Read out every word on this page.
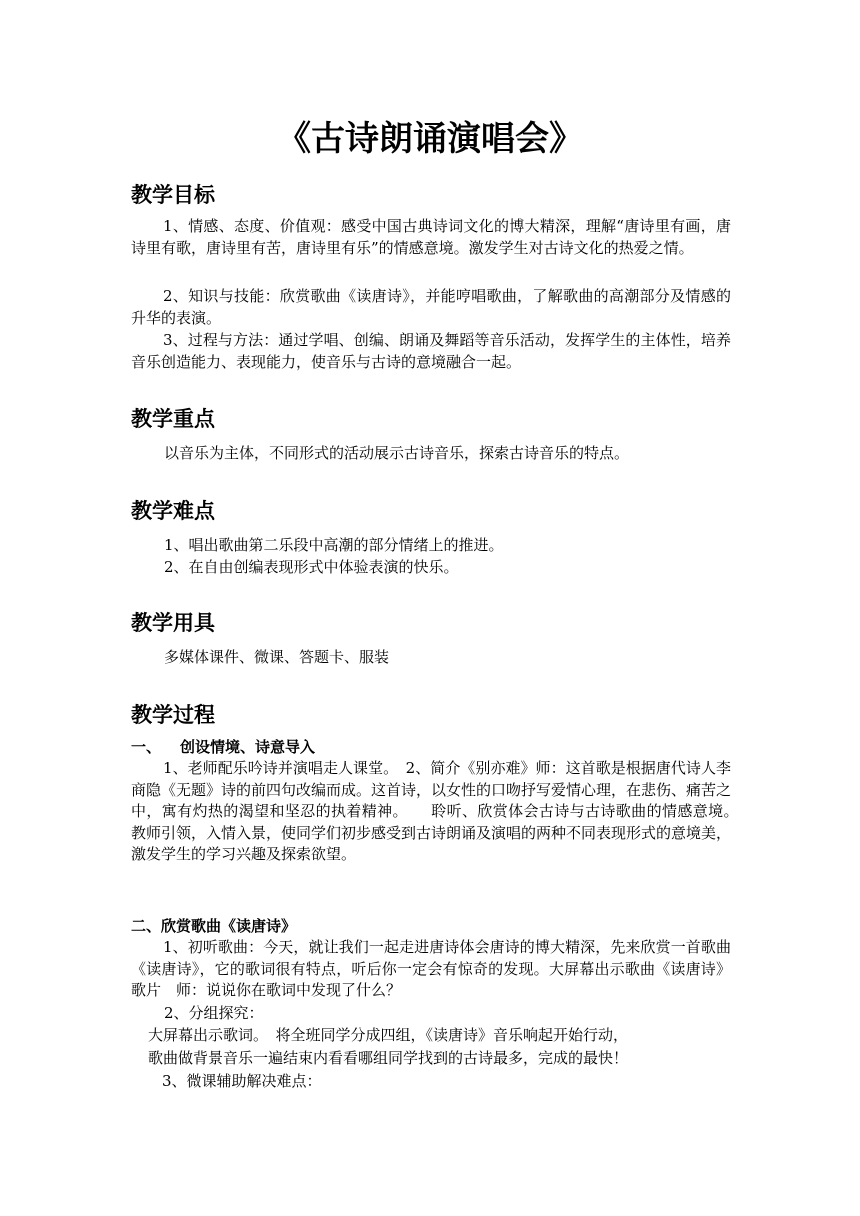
《古诗朗诵演唱会》
教学目标

1、情感、态度、价值观：感受中国古典诗词文化的博大精深，理解“唐诗里有画，唐诗里有歌，唐诗里有苦，唐诗里有乐”的情感意境。激发学生对古诗文化的热爱之情。

2、知识与技能：欣赏歌曲《读唐诗》，并能哼唱歌曲，了解歌曲的高潮部分及情感的升华的表演。

3、过程与方法：通过学唱、创编、朗诵及舞蹈等音乐活动，发挥学生的主体性，培养音乐创造能力、表现能力，使音乐与古诗的意境融合一起。

教学重点

以音乐为主体，不同形式的活动展示古诗音乐，探索古诗音乐的特点。

教学难点

1、唱出歌曲第二乐段中高潮的部分情绪上的推进。

2、在自由创编表现形式中体验表演的快乐。

教学用具

多媒体课件、微课、答题卡、服装

教学过程

一、 创设情境、诗意导入

1、老师配乐吟诗并演唱走人课堂。　2、简介《别亦难》师：这首歌是根据唐代诗人李商隐《无题》诗的前四句改编而成。这首诗，以女性的口吻抒写爱情心理，在悲伤、痛苦之中，寓有灼热的渴望和坚忍的执着精神。　　聆听、欣赏体会古诗与古诗歌曲的情感意境。　教师引领，入情入景，使同学们初步感受到古诗朗诵及演唱的两种不同表现形式的意境美，激发学生的学习兴趣及探索欲望。

二、欣赏歌曲《读唐诗》

1、初听歌曲：今天，就让我们一起走进唐诗体会唐诗的博大精深，先来欣赏一首歌曲《读唐诗》，它的歌词很有特点，听后你一定会有惊奇的发现。大屏幕出示歌曲《读唐诗》歌片　师：说说你在歌词中发现了什么？

2、分组探究：

大屏幕出示歌词。　将全班同学分成四组，《读唐诗》音乐响起开始行动，

歌曲做背景音乐一遍结束内看看哪组同学找到的古诗最多，完成的最快！

3、微课辅助解决难点：
